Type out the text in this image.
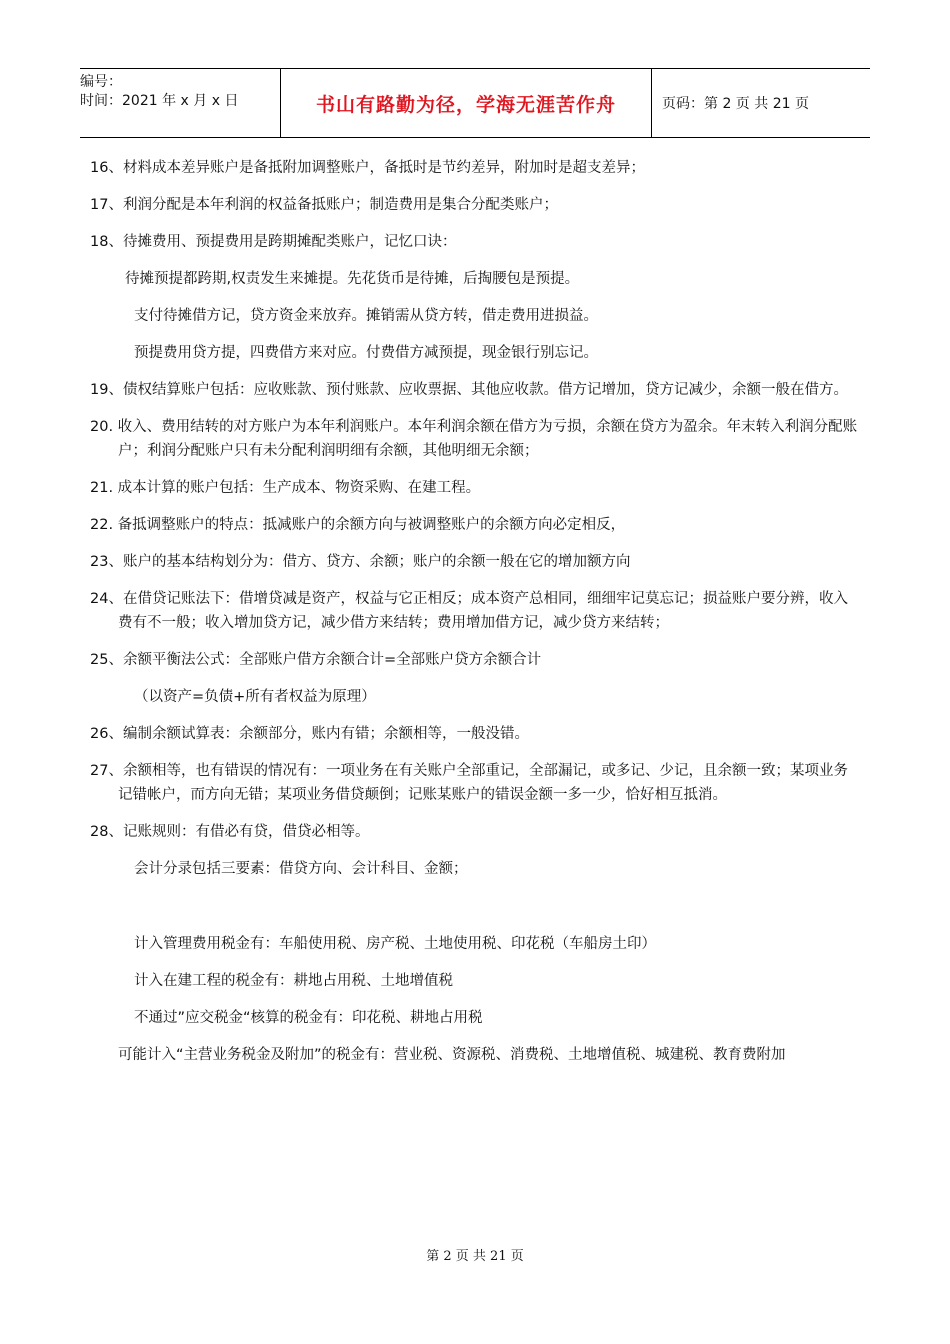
编号：
时间：2021 年 x 月 x 日	书山有路勤为径，学海无涯苦作舟	页码：第 2 页 共 21 页
16、材料成本差异账户是备抵附加调整账户，备抵时是节约差异，附加时是超支差异；
17、利润分配是本年利润的权益备抵账户；制造费用是集合分配类账户；
18、待摊费用、预提费用是跨期摊配类账户，记忆口诀：
待摊预提都跨期,权责发生来摊提。先花货币是待摊，后掏腰包是预提。
支付待摊借方记，贷方资金来放弃。摊销需从贷方转，借走费用进损益。
预提费用贷方提，四费借方来对应。付费借方减预提，现金银行别忘记。
19、债权结算账户包括：应收账款、预付账款、应收票据、其他应收款。借方记增加，贷方记减少，余额一般在借方。
20. 收入、费用结转的对方账户为本年利润账户。本年利润余额在借方为亏损，余额在贷方为盈余。年末转入利润分配账户；利润分配账户只有未分配利润明细有余额，其他明细无余额；
21. 成本计算的账户包括：生产成本、物资采购、在建工程。
22. 备抵调整账户的特点：抵减账户的余额方向与被调整账户的余额方向必定相反，
23、账户的基本结构划分为：借方、贷方、余额；账户的余额一般在它的增加额方向
24、在借贷记账法下：借增贷减是资产，权益与它正相反；成本资产总相同，细细牢记莫忘记；损益账户要分辨，收入费有不一般；收入增加贷方记，减少借方来结转；费用增加借方记，减少贷方来结转；
25、余额平衡法公式：全部账户借方余额合计=全部账户贷方余额合计
（以资产=负债+所有者权益为原理）
26、编制余额试算表：余额部分，账内有错；余额相等，一般没错。
27、余额相等，也有错误的情况有：一项业务在有关账户全部重记，全部漏记，或多记、少记，且余额一致；某项业务记错帐户，而方向无错；某项业务借贷颠倒；记账某账户的错误金额一多一少，恰好相互抵消。
28、记账规则：有借必有贷，借贷必相等。
会计分录包括三要素：借贷方向、会计科目、金额；
计入管理费用税金有：车船使用税、房产税、土地使用税、印花税（车船房土印）
计入在建工程的税金有：耕地占用税、土地增值税
不通过”应交税金“核算的税金有：印花税、耕地占用税
可能计入“主营业务税金及附加”的税金有：营业税、资源税、消费税、土地增值税、城建税、教育费附加
第 2 页 共 21 页
